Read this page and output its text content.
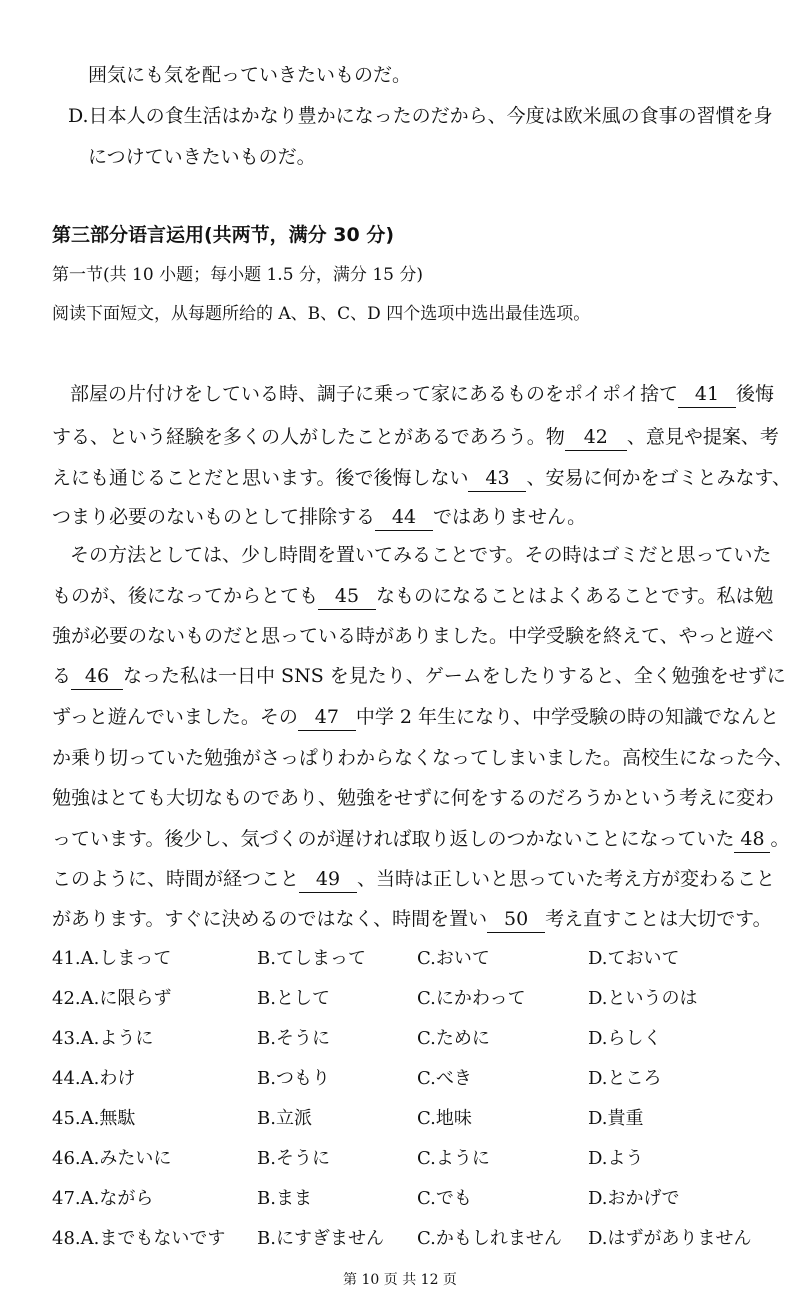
囲気にも気を配っていきたいものだ。
D.日本人の食生活はかなり豊かになったのだから、今度は欧米風の食事の習慣を身
につけていきたいものだ。
第三部分语言运用(共两节，满分 30 分)
第一节(共 10 小题；每小题 1.5 分，满分 15 分)
阅读下面短文，从每题所给的 A、B、C、D 四个选项中选出最佳选项。
部屋の片付けをしている時、調子に乗って家にあるものをポイポイ捨て 41 後悔
する、という経験を多くの人がしたことがあるであろう。物 42 、意見や提案、考
えにも通じることだと思います。後で後悔しない 43 、安易に何かをゴミとみなす、
つまり必要のないものとして排除する 44 ではありません。
その方法としては、少し時間を置いてみることです。その時はゴミだと思っていた
ものが、後になってからとても 45 なものになることはよくあることです。私は勉
強が必要のないものだと思っている時がありました。中学受験を終えて、やっと遊べ
る 46 なった私は一日中 SNS を見たり、ゲームをしたりすると、全く勉強をせずに
ずっと遊んでいました。その 47 中学 2 年生になり、中学受験の時の知識でなんと
か乗り切っていた勉強がさっぱりわからなくなってしまいました。高校生になった今、
勉強はとても大切なものであり、勉強をせずに何をするのだろうかという考えに変わ
っています。後少し、気づくのが遅ければ取り返しのつかないことになっていた 48 。
このように、時間が経つこと 49 、当時は正しいと思っていた考え方が変わること
があります。すぐに決めるのではなく、時間を置い 50 考え直すことは大切です。
41.A.しまって	B.てしまって	C.おいて	D.ておいて
42.A.に限らず	B.として	C.にかわって	D.というのは
43.A.ように	B.そうに	C.ために	D.らしく
44.A.わけ	B.つもり	C.べき	D.ところ
45.A.無駄	B.立派	C.地味	D.貴重
46.A.みたいに	B.そうに	C.ように	D.よう
47.A.ながら	B.まま	C.でも	D.おかげで
48.A.までもないです B.にすぎません C.かもしれません D.はずがありません
第 10 页 共 12 页
